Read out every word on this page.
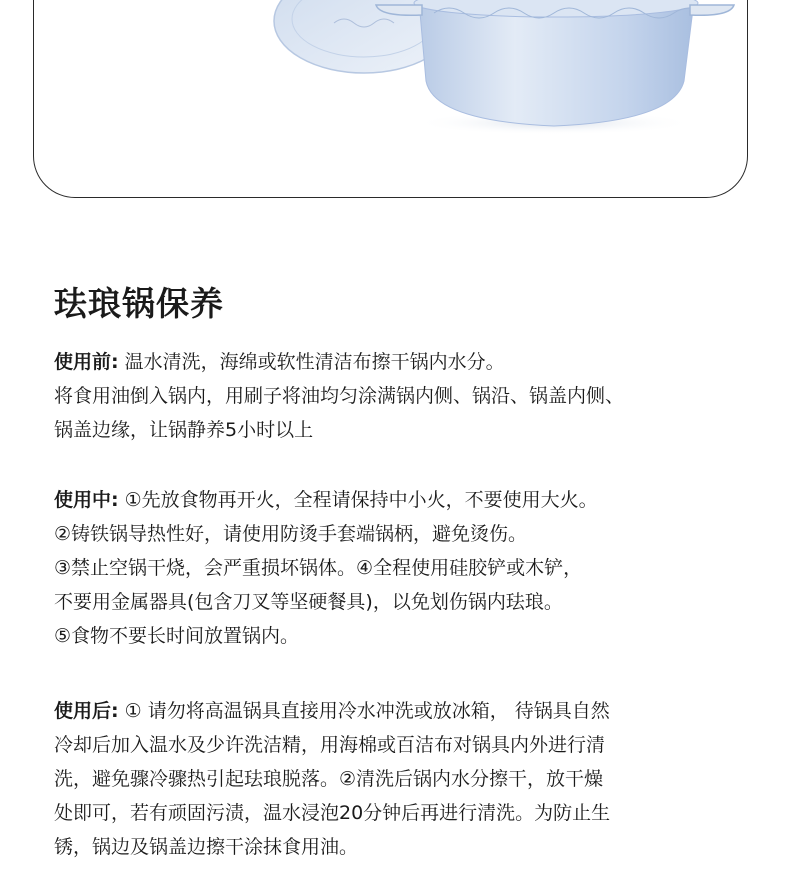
珐琅锅保养
使用前: 温水清洗，海绵或软性清洁布擦干锅内水分。
将食用油倒入锅内，用刷子将油均匀涂满锅内侧、锅沿、锅盖内侧、
锅盖边缘，让锅静养5小时以上
使用中: ①先放食物再开火，全程请保持中小火，不要使用大火。
②铸铁锅导热性好，请使用防烫手套端锅柄，避免烫伤。
③禁止空锅干烧，会严重损坏锅体。④全程使用硅胶铲或木铲，
不要用金属器具(包含刀叉等坚硬餐具)，以免划伤锅内珐琅。
⑤食物不要长时间放置锅内。
使用后: ① 请勿将高温锅具直接用冷水冲洗或放冰箱， 待锅具自然
冷却后加入温水及少许洗洁精，用海棉或百洁布对锅具内外进行清
洗，避免骤冷骤热引起珐琅脱落。②清洗后锅内水分擦干，放干燥
处即可，若有顽固污渍，温水浸泡20分钟后再进行清洗。为防止生
锈，锅边及锅盖边擦干涂抹食用油。
